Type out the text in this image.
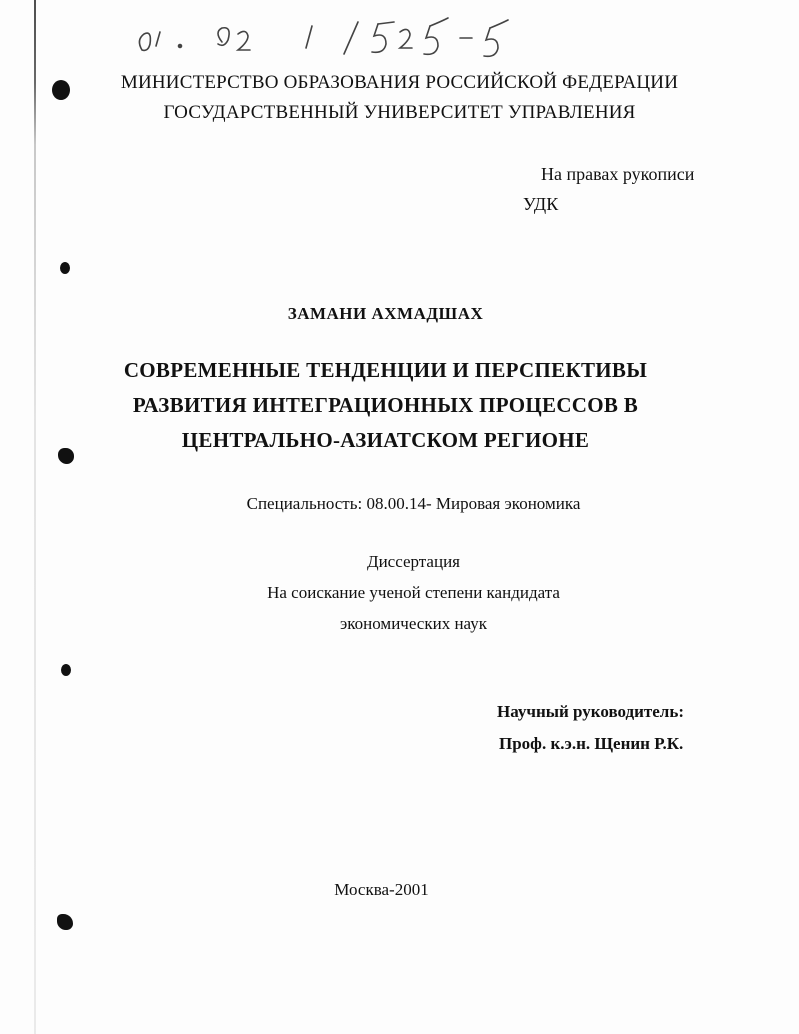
МИНИСТЕРСТВО ОБРАЗОВАНИЯ РОССИЙСКОЙ ФЕДЕРАЦИИ
ГОСУДАРСТВЕННЫЙ УНИВЕРСИТЕТ УПРАВЛЕНИЯ
На правах рукописи
УДК
ЗАМАНИ АХМАДШАХ
СОВРЕМЕННЫЕ ТЕНДЕНЦИИ И ПЕРСПЕКТИВЫ
РАЗВИТИЯ ИНТЕГРАЦИОННЫХ ПРОЦЕССОВ В
ЦЕНТРАЛЬНО-АЗИАТСКОМ РЕГИОНЕ
Специальность: 08.00.14- Мировая экономика
Диссертация
На соискание ученой степени кандидата
экономических наук
Научный руководитель:
Проф. к.э.н. Щенин Р.К.
Москва-2001
